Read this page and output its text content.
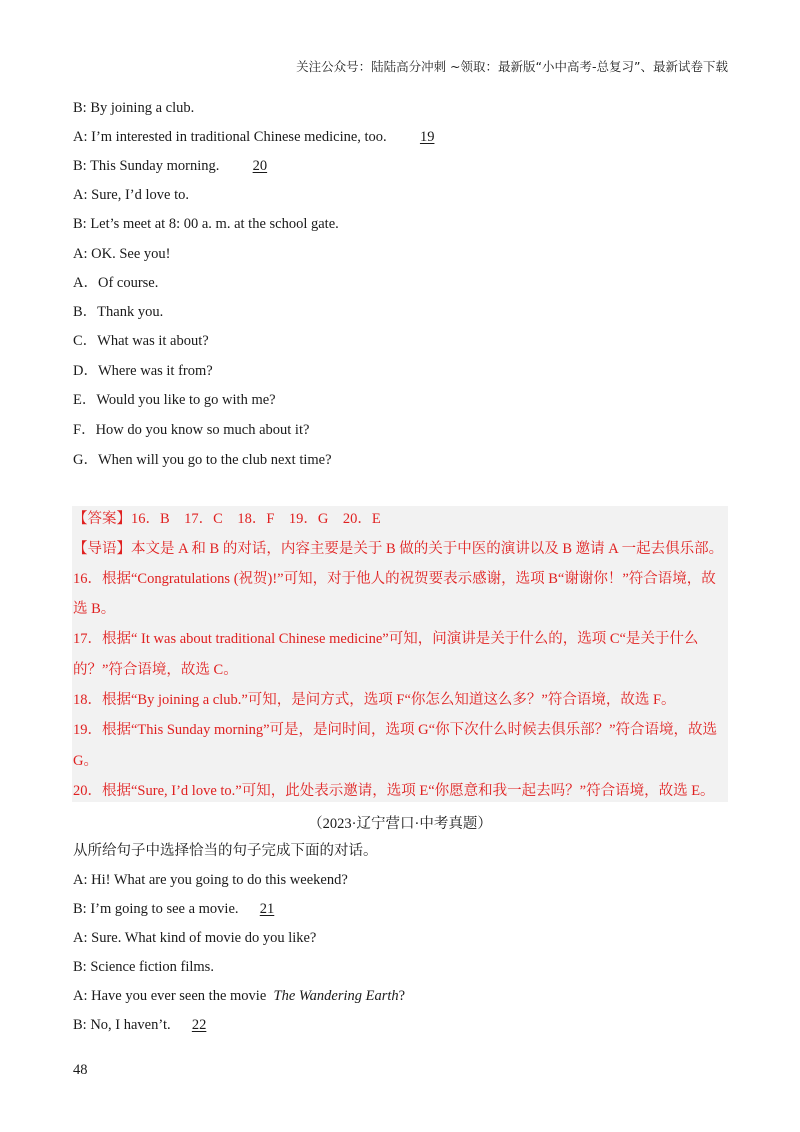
关注公众号：陆陆高分冲刺 ~领取：最新版“小中高考-总复习”、最新试卷下载
B: By joining a club.
A: I’m interested in traditional Chinese medicine, too. 19
B: This Sunday morning. 20
A: Sure, I’d love to.
B: Let’s meet at 8: 00 a. m. at the school gate.
A: OK. See you!
A．Of course.
B．Thank you.
C．What was it about?
D．Where was it from?
E．Would you like to go with me?
F．How do you know so much about it?
G．When will you go to the club next time?
【答案】16．B    17．C    18．F    19．G    20．E
【导语】本文是 A 和 B 的对话，内容主要是关于 B 做的关于中医的演讲以及 B 邀请 A 一起去俱乐部。
16．根据“Congratulations (祝贺)!”可知，对于他人的祝贺要表示感谢，选项 B“谢谢你！”符合语境，故
选 B。
17．根据“ It was about traditional Chinese medicine”可知，问演讲是关于什么的，选项 C“是关于什么
的？”符合语境，故选 C。
18．根据“By joining a club.”可知，是问方式，选项 F“你怎么知道这么多？”符合语境，故选 F。
19．根据“This Sunday morning”可是，是问时间，选项 G“你下次什么时候去俱乐部？”符合语境，故选
G。
20．根据“Sure, I’d love to.”可知，此处表示邀请，选项 E“你愿意和我一起去吗？”符合语境，故选 E。
（2023·辽宁营口·中考真题）
从所给句子中选择恰当的句子完成下面的对话。
A: Hi! What are you going to do this weekend?
B: I’m going to see a movie. 21
A: Sure. What kind of movie do you like?
B: Science fiction films.
A: Have you ever seen the movie The Wandering Earth?
B: No, I haven’t. 22
48
